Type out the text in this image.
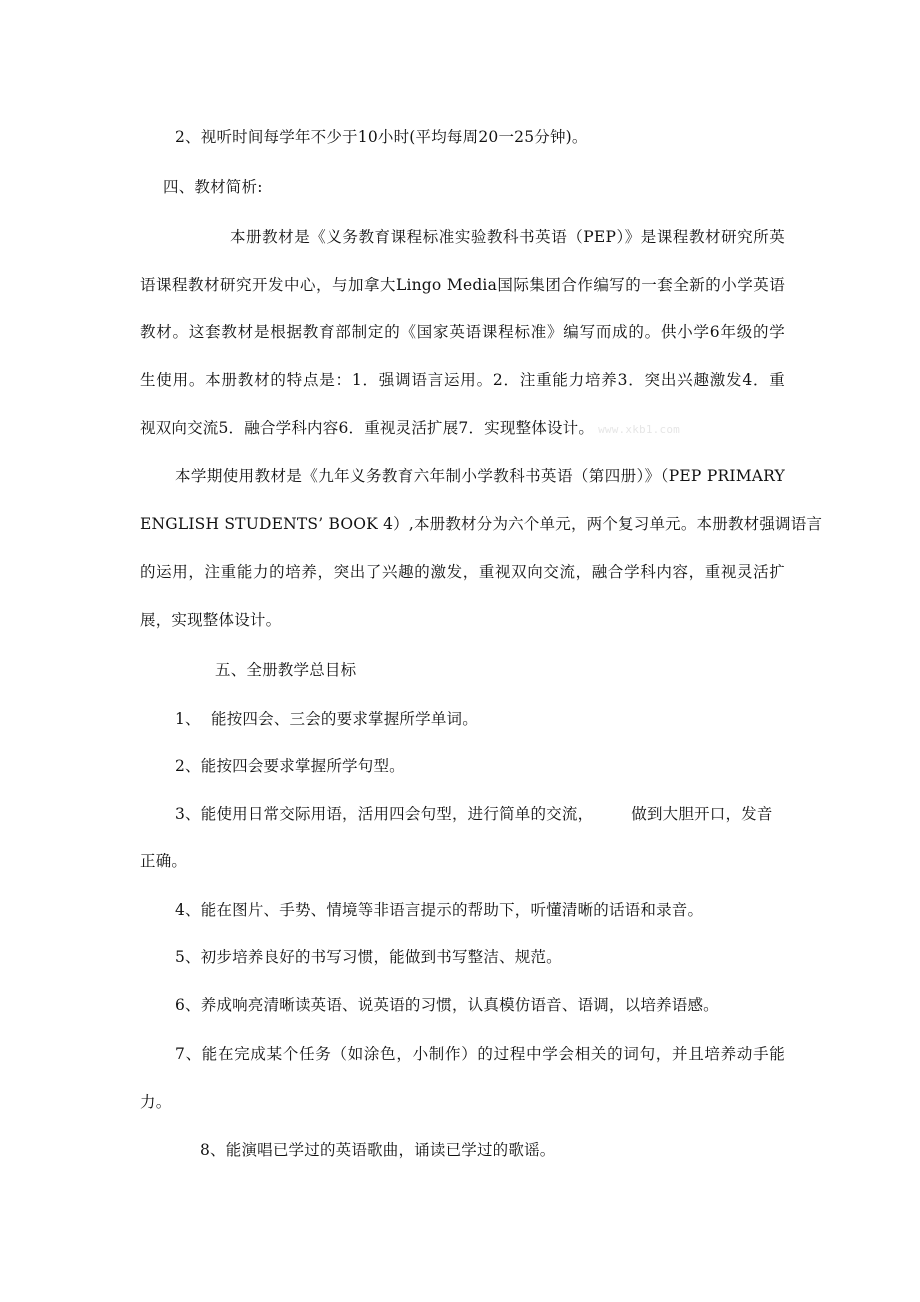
2、视听时间每学年不少于10小时(平均每周20一25分钟)。
四、教材简析:
本册教材是《义务教育课程标准实验教科书英语（PEP）》是课程教材研究所英
语课程教材研究开发中心，与加拿大Lingo Media国际集团合作编写的一套全新的小学英语
教材。这套教材是根据教育部制定的《国家英语课程标准》编写而成的。供小学6年级的学
生使用。本册教材的特点是：1．强调语言运用。2．注重能力培养3．突出兴趣激发4．重
视双向交流5．融合学科内容6．重视灵活扩展7．实现整体设计。 www.xkb1.com
本学期使用教材是《九年义务教育六年制小学教科书英语（第四册）》（PEP PRIMARY
ENGLISH STUDENTS’ BOOK 4）,本册教材分为六个单元，两个复习单元。本册教材强调语言
的运用，注重能力的培养，突出了兴趣的激发，重视双向交流，融合学科内容，重视灵活扩
展，实现整体设计。
五、全册教学总目标
1、  能按四会、三会的要求掌握所学单词。
2、能按四会要求掌握所学句型。
3、能使用日常交际用语，活用四会句型，进行简单的交流， 做到大胆开口，发音
正确。
4、能在图片、手势、情境等非语言提示的帮助下，听懂清晰的话语和录音。
5、初步培养良好的书写习惯，能做到书写整洁、规范。
6、养成响亮清晰读英语、说英语的习惯，认真模仿语音、语调，以培养语感。
7、能在完成某个任务（如涂色，小制作）的过程中学会相关的词句，并且培养动手能
力。
8、能演唱已学过的英语歌曲，诵读已学过的歌谣。
